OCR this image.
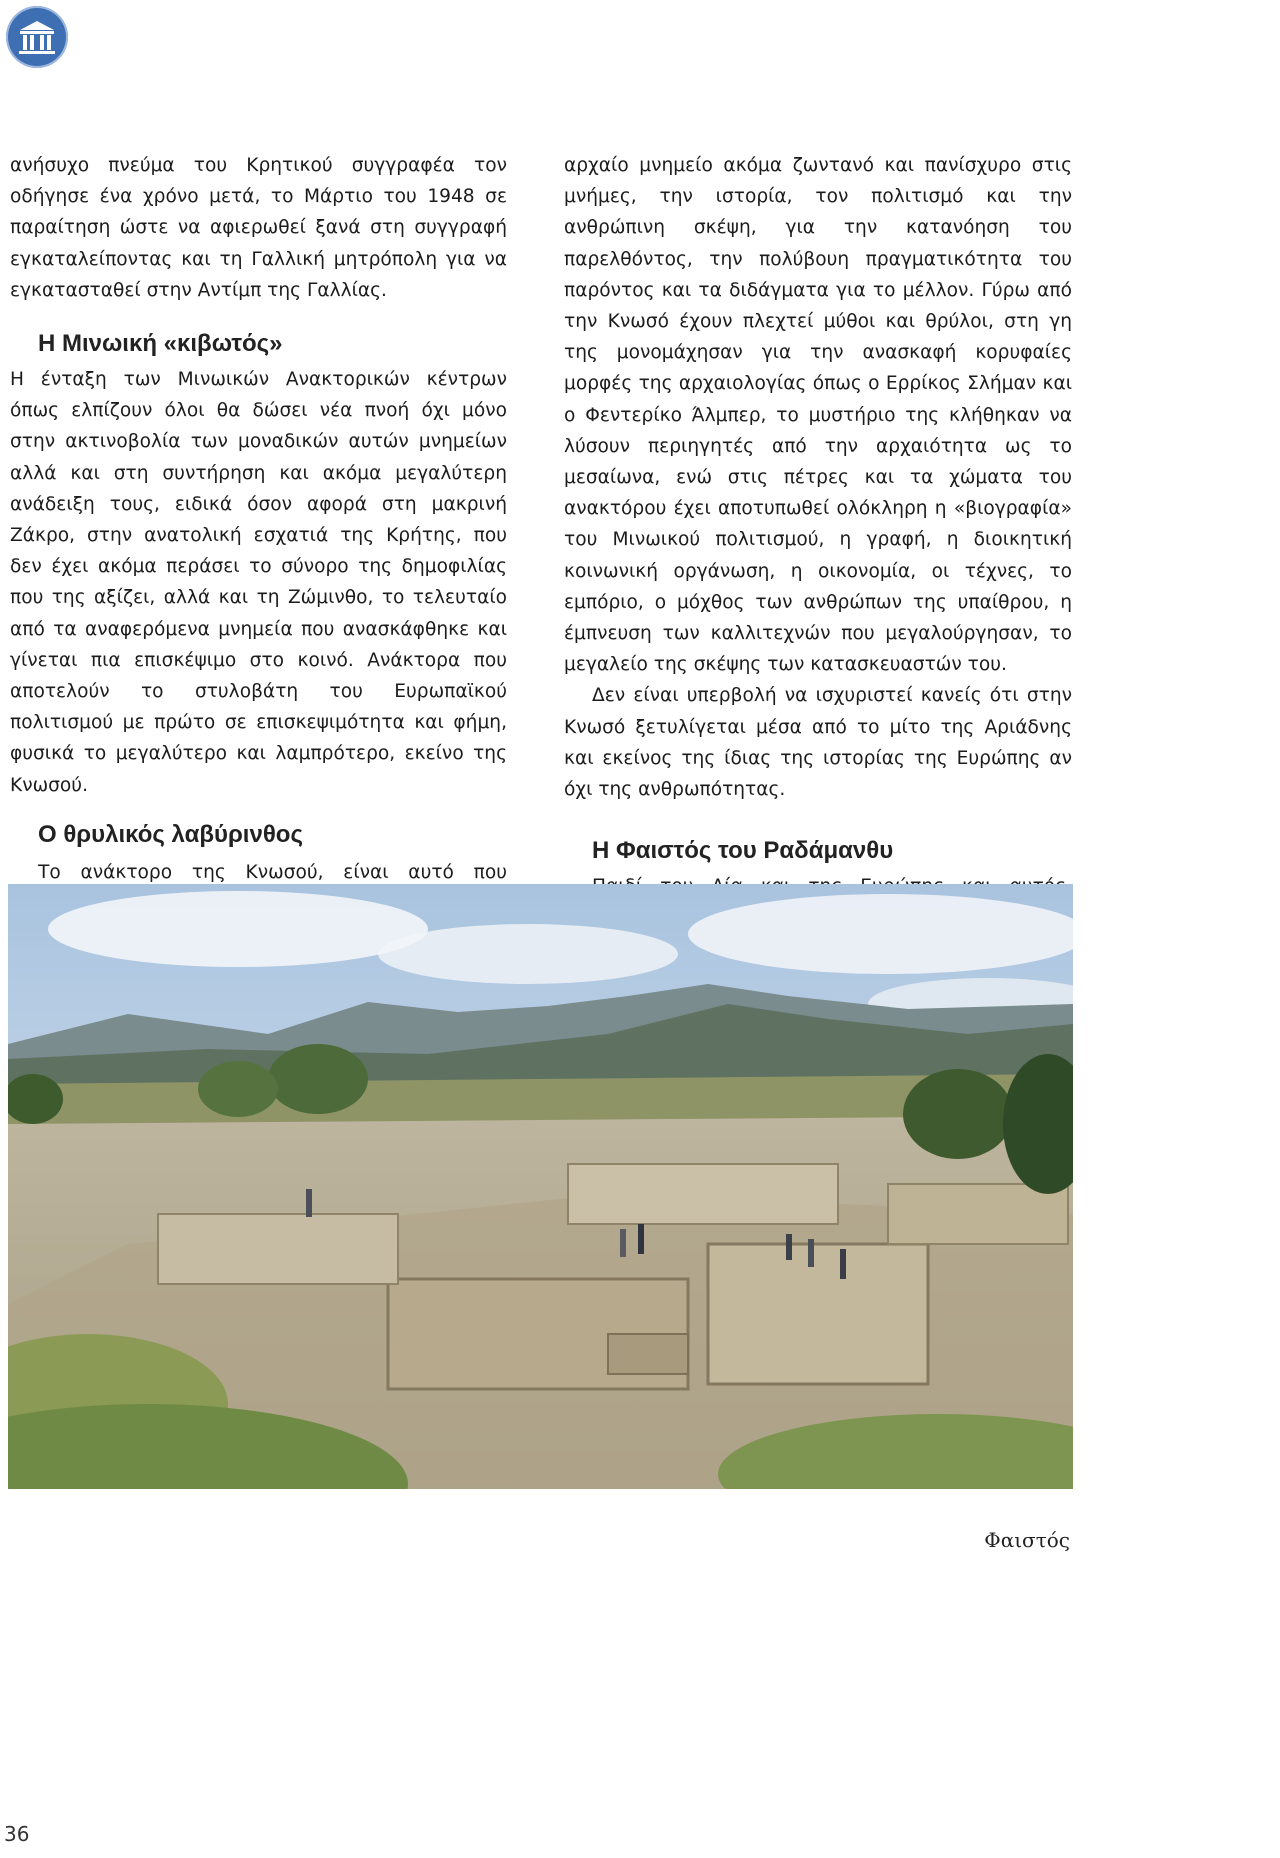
ανήσυχο πνεύμα του Κρητικού συγγραφέα τον οδήγησε ένα χρόνο μετά, το Μάρτιο του 1948 σε παραίτηση ώστε να αφιερωθεί ξανά στη συγγραφή εγκαταλείποντας και τη Γαλλική μητρόπολη για να εγκατασταθεί στην Αντίμπ της Γαλλίας.

Η Μινωική «κιβωτός»

Η ένταξη των Μινωικών Ανακτορικών κέντρων όπως ελπίζουν όλοι θα δώσει νέα πνοή όχι μόνο στην ακτινοβολία των μοναδικών αυτών μνημείων αλλά και στη συντήρηση και ακόμα μεγαλύτερη ανάδειξη τους, ειδικά όσον αφορά στη μακρινή Ζάκρο, στην ανατολική εσχατιά της Κρήτης, που δεν έχει ακόμα περάσει το σύνορο της δημοφιλίας που της αξίζει, αλλά και τη Ζώμινθο, το τελευταίο από τα αναφερόμενα μνημεία που ανασκάφθηκε και γίνεται πια επισκέψιμο στο κοινό. Ανάκτορα που αποτελούν το στυλοβάτη του Ευρωπαϊκού πολιτισμού με πρώτο σε επισκεψιμότητα και φήμη, φυσικά το μεγαλύτερο και λαμπρότερο, εκείνο της Κνωσού.

Ο θρυλικός λαβύρινθος

Το ανάκτορο της Κνωσού, είναι αυτό που

αρχαίο μνημείο ακόμα ζωντανό και πανίσχυρο στις μνήμες, την ιστορία, τον πολιτισμό και την ανθρώπινη σκέψη, για την κατανόηση του παρελθόντος, την πολύβουη πραγματικότητα του παρόντος και τα διδάγματα για το μέλλον. Γύρω από την Κνωσό έχουν πλεχτεί μύθοι και θρύλοι, στη γη της μονομάχησαν για την ανασκαφή κορυφαίες μορφές της αρχαιολογίας όπως ο Ερρίκος Σλήμαν και ο Φεντερίκο Άλμπερ, το μυστήριο της κλήθηκαν να λύσουν περιηγητές από την αρχαιότητα ως το μεσαίωνα, ενώ στις πέτρες και τα χώματα του ανακτόρου έχει αποτυπωθεί ολόκληρη η «βιογραφία» του Μινωικού πολιτισμού, η γραφή, η διοικητική κοινωνική οργάνωση, η οικονομία, οι τέχνες, το εμπόριο, ο μόχθος των ανθρώπων της υπαίθρου, η έμπνευση των καλλιτεχνών που μεγαλούργησαν, το μεγαλείο της σκέψης των κατασκευαστών του.

Δεν είναι υπερβολή να ισχυριστεί κανείς ότι στην Κνωσό ξετυλίγεται μέσα από το μίτο της Αριάδνης και εκείνος της ίδιας της ιστορίας της Ευρώπης αν όχι της ανθρωπότητας.

Η Φαιστός του Ραδάμανθυ

Φαιστός
36
